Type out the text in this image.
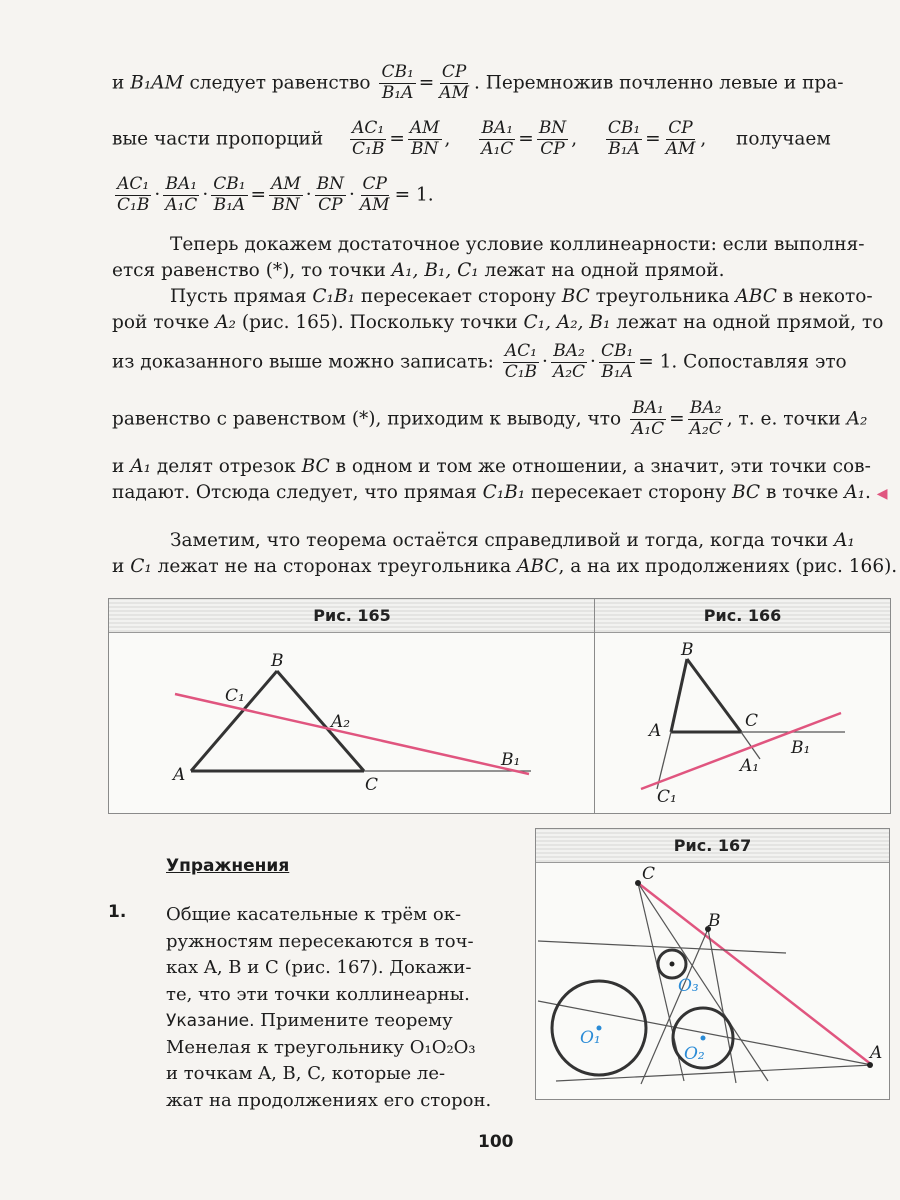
и B₁AM следует равенство $\frac{\text{CB₁}}{\text{B₁A}} = \frac{CP}{AM}$ . Перемножив почленно левые и пра-
вые части пропорций $\frac{\text{AC₁}}{\text{C₁B}} = \frac{AM}{BN}$ , $\frac{\text{BA₁}}{\text{A₁C}} = \frac{BN}{CP}$ , $\frac{\text{CB₁}}{\text{B₁A}} = \frac{CP}{AM}$ ,  получаем
$\frac{\text{AC₁}}{\text{C₁B}} \cdot \frac{\text{BA₁}}{\text{A₁C}} \cdot \frac{\text{CB₁}}{\text{B₁A}} = \frac{AM}{BN} \cdot \frac{BN}{CP} \cdot \frac{CP}{AM} = 1$.
Теперь докажем достаточное условие коллинеарности: если выполня-
ется равенство (*), то точки A₁, B₁, C₁ лежат на одной прямой.
Пусть прямая C₁B₁ пересекает сторону BC треугольника ABC в некото-
рой точке A₂ (рис. 165). Поскольку точки C₁, A₂, B₁ лежат на одной прямой, то
из доказанного выше можно записать: $\frac{\text{AC₁}}{\text{C₁B}} \cdot \frac{\text{BA₂}}{\text{A₂C}} \cdot \frac{\text{CB₁}}{\text{B₁A}} = 1$. Сопоставляя это
равенство с равенством (*), приходим к выводу, что $\frac{\text{BA₁}}{\text{A₁C}} = \frac{\text{BA₂}}{\text{A₂C}}$ , т. е. точки A₂
и A₁ делят отрезок BC в одном и том же отношении, а значит, эти точки сов-
падают. Отсюда следует, что прямая C₁B₁ пересекает сторону BC в точке A₁. ◀
Заметим, что теорема остаётся справедливой и тогда, когда точки A₁
и C₁ лежат не на сторонах треугольника ABC, а на их продолжениях (рис. 166).
Рис. 165
B
C₁
A₂
A	C
B₁
Рис. 166
B
A	C
B₁
A₁
C₁
Рис. 167
C
B
A
O₁
O₂
O₃
Упражнения
1. Общие касательные к трём ок-
ружностям пересекаются в точ-
ках A, B и C (рис. 167). Докажи-
те, что эти точки коллинеарны.
Указание. Примените теорему
Менелая к треугольнику O₁O₂O₃
и точкам A, B, C, которые ле-
жат на продолжениях его сторон.
100
